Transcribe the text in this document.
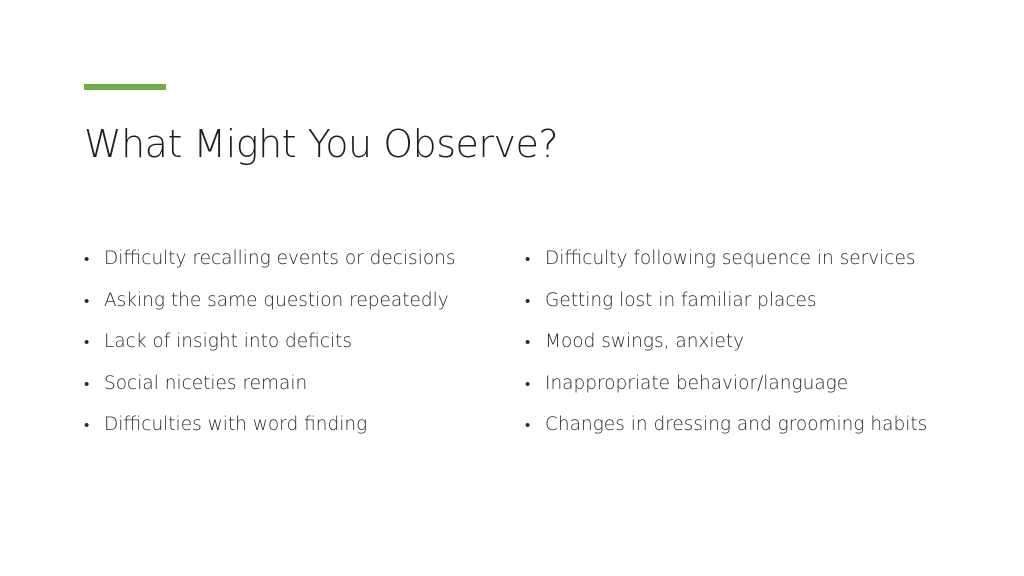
What Might You Observe?
• Difficulty recalling events or decisions
• Asking the same question repeatedly
• Lack of insight into deficits
• Social niceties remain
• Difficulties with word finding
• Difficulty following sequence in services
• Getting lost in familiar places
• Mood swings, anxiety
• Inappropriate behavior/language
• Changes in dressing and grooming habits
